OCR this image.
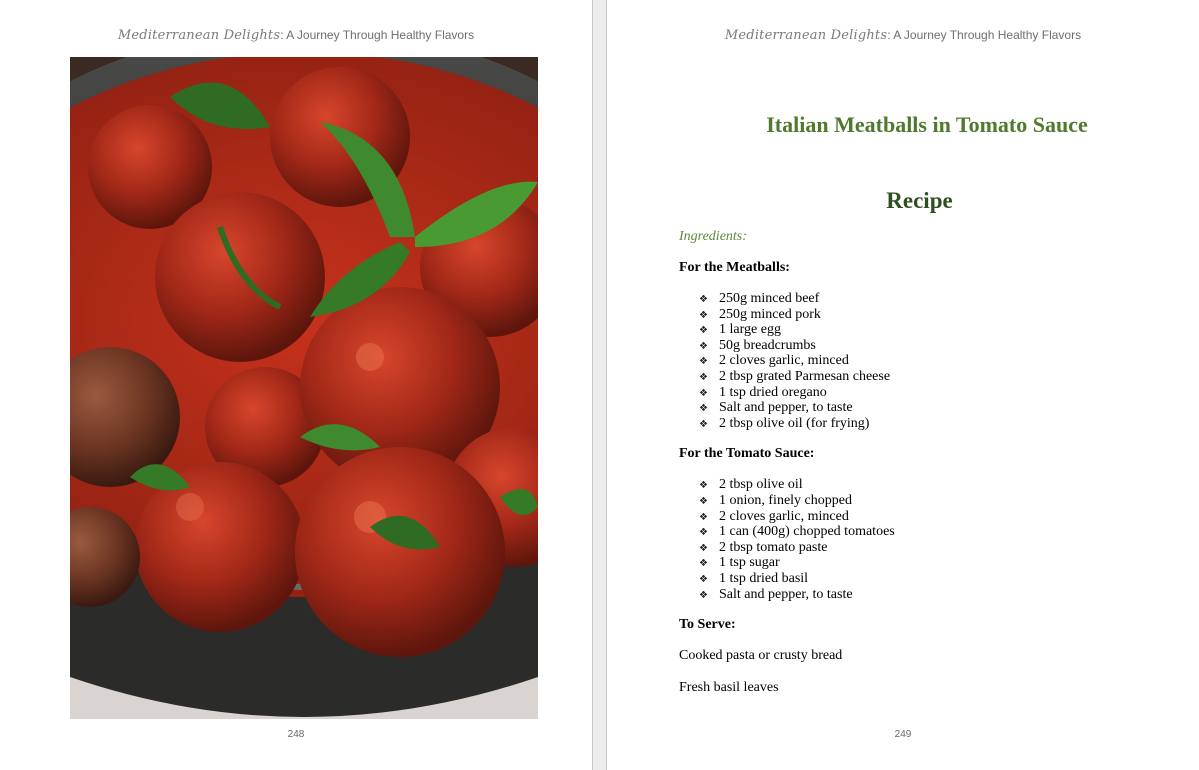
Mediterranean Delights: A Journey Through Healthy Flavors
248
Mediterranean Delights: A Journey Through Healthy Flavors
Italian Meatballs in Tomato Sauce
Recipe
Ingredients:
For the Meatballs:
❖ 250g minced beef
❖ 250g minced pork
❖ 1 large egg
❖ 50g breadcrumbs
❖ 2 cloves garlic, minced
❖ 2 tbsp grated Parmesan cheese
❖ 1 tsp dried oregano
❖ Salt and pepper, to taste
❖ 2 tbsp olive oil (for frying)
For the Tomato Sauce:
❖ 2 tbsp olive oil
❖ 1 onion, finely chopped
❖ 2 cloves garlic, minced
❖ 1 can (400g) chopped tomatoes
❖ 2 tbsp tomato paste
❖ 1 tsp sugar
❖ 1 tsp dried basil
❖ Salt and pepper, to taste
To Serve:
Cooked pasta or crusty bread
Fresh basil leaves
249
